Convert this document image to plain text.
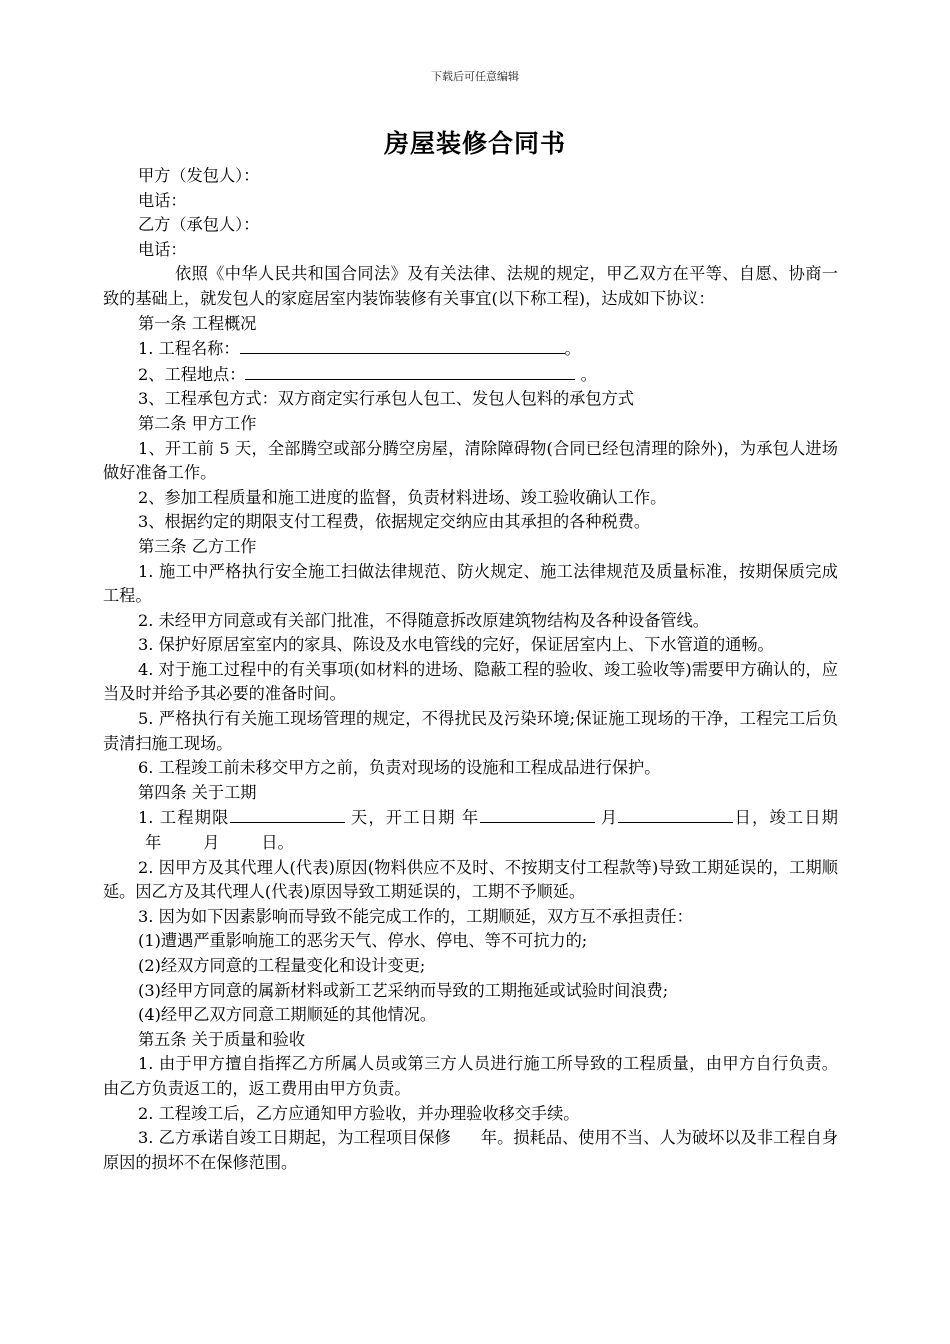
下载后可任意编辑
房屋装修合同书

甲方（发包人）：

电话：

乙方（承包人）：

电话：

依照《中华人民共和国合同法》及有关法律、法规的规定，甲乙双方在平等、自愿、协商一致的基础上，就发包人的家庭居室内装饰装修有关事宜(以下称工程)，达成如下协议：

第一条 工程概况

1. 工程名称：	。

2、工程地点：	。

3、工程承包方式：双方商定实行承包人包工、发包人包料的承包方式

第二条 甲方工作

1、开工前 5 天，全部腾空或部分腾空房屋，清除障碍物(合同已经包清理的除外)，为承包人进场做好准备工作。

2、参加工程质量和施工进度的监督，负责材料进场、竣工验收确认工作。

3、根据约定的期限支付工程费，依据规定交纳应由其承担的各种税费。

第三条 乙方工作

1. 施工中严格执行安全施工扫做法律规范、防火规定、施工法律规范及质量标准，按期保质完成工程。

2. 未经甲方同意或有关部门批准，不得随意拆改原建筑物结构及各种设备管线。

3. 保护好原居室室内的家具、陈设及水电管线的完好，保证居室内上、下水管道的通畅。

4. 对于施工过程中的有关事项(如材料的进场、隐蔽工程的验收、竣工验收等)需要甲方确认的，应当及时并给予其必要的准备时间。

5. 严格执行有关施工现场管理的规定，不得扰民及污染环境;保证施工现场的干净，工程完工后负责清扫施工现场。

6. 工程竣工前未移交甲方之前，负责对现场的设施和工程成品进行保护。

第四条 关于工期

1. 工程期限	天，开工日期 年	月	日，竣工日期年	月	日。

2. 因甲方及其代理人(代表)原因(物料供应不及时、不按期支付工程款等)导致工期延误的，工期顺延。因乙方及其代理人(代表)原因导致工期延误的，工期不予顺延。

3. 因为如下因素影响而导致不能完成工作的，工期顺延，双方互不承担责任：

(1)遭遇严重影响施工的恶劣天气、停水、停电、等不可抗力的;

(2)经双方同意的工程量变化和设计变更;

(3)经甲方同意的属新材料或新工艺采纳而导致的工期拖延或试验时间浪费;

(4)经甲乙双方同意工期顺延的其他情况。

第五条 关于质量和验收

1. 由于甲方擅自指挥乙方所属人员或第三方人员进行施工所导致的工程质量，由甲方自行负责。由乙方负责返工的，返工费用由甲方负责。

2. 工程竣工后，乙方应通知甲方验收，并办理验收移交手续。

3. 乙方承诺自竣工日期起，为工程项目保修 年。损耗品、使用不当、人为破坏以及非工程自身原因的损坏不在保修范围。
